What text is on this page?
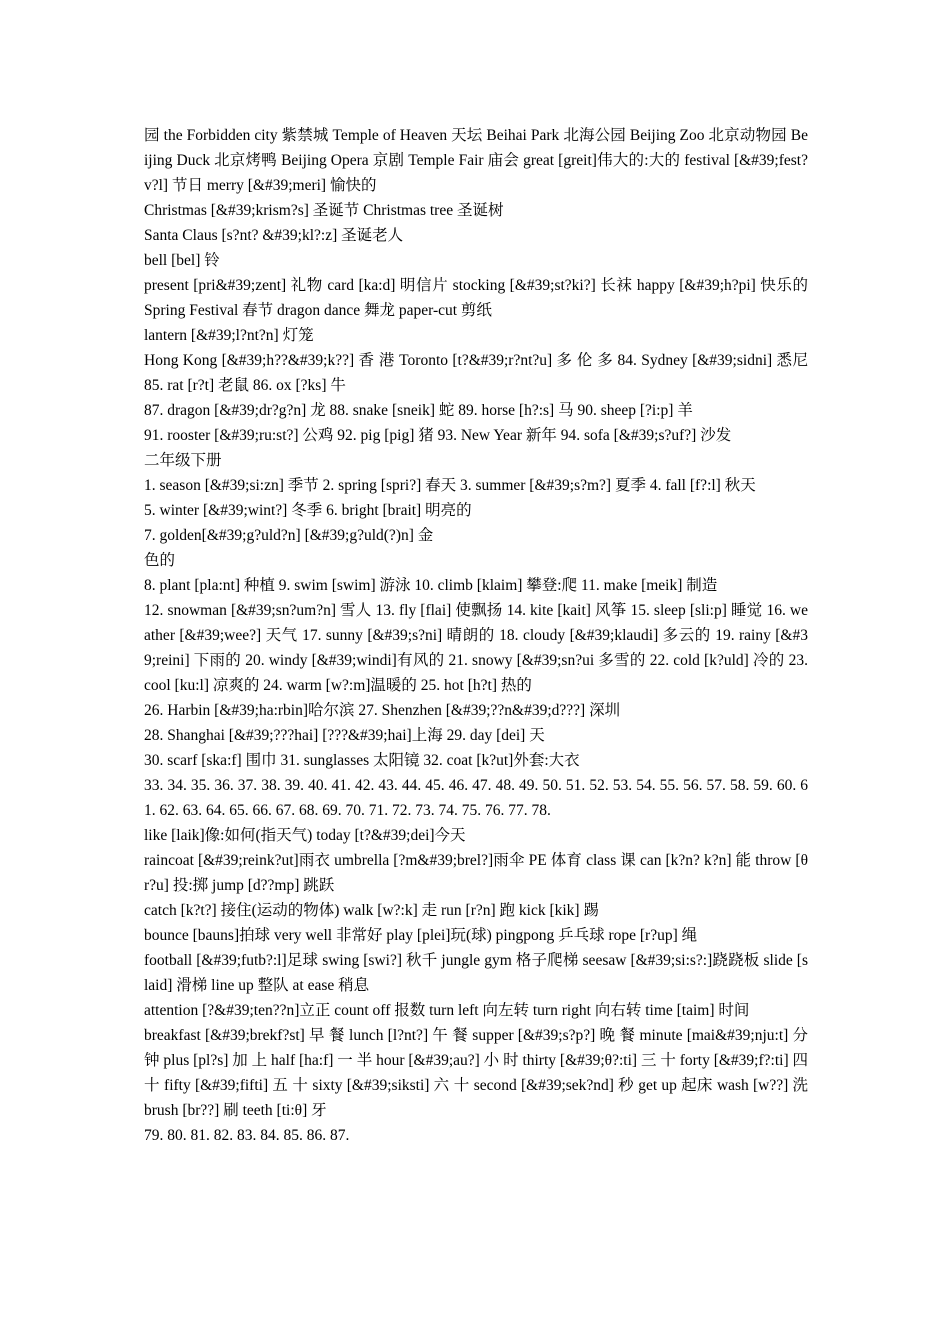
园 the Forbidden city 紫禁城 Temple of Heaven 天坛 Beihai Park 北海公园 Beijing Zoo 北京动物园 Beijing Duck 北京烤鸭 Beijing Opera 京剧 Temple Fair 庙会 great [greit]伟大的:大的 festival [&#39;fest?v?l] 节日 merry [&#39;meri] 愉快的

Christmas [&#39;krism?s] 圣诞节 Christmas tree 圣诞树

Santa Claus [s?nt? &#39;kl?:z] 圣诞老人

bell [bel] 铃

present [pri&#39;zent] 礼物 card [ka:d] 明信片 stocking [&#39;st?ki?] 长袜 happy [&#39;h?pi] 快乐的 Spring Festival 春节 dragon dance 舞龙 paper-cut 剪纸

lantern [&#39;l?nt?n] 灯笼

Hong Kong [&#39;h??&#39;k??] 香 港 Toronto [t?&#39;r?nt?u] 多 伦 多 84. Sydney [&#39;sidni] 悉尼 85. rat [r?t] 老鼠 86. ox [?ks] 牛

87. dragon [&#39;dr?g?n] 龙 88. snake [sneik] 蛇 89. horse [h?:s] 马 90. sheep [?i:p] 羊

91. rooster [&#39;ru:st?] 公鸡 92. pig [pig] 猪 93. New Year 新年 94. sofa [&#39;s?uf?] 沙发

二年级下册

1. season [&#39;si:zn] 季节 2. spring [spri?] 春天 3. summer [&#39;s?m?] 夏季 4. fall [f?:l] 秋天

5. winter [&#39;wint?] 冬季 6. bright [brait] 明亮的

7. golden[&#39;g?uld?n] [&#39;g?uld(?)n] 金

色的

8. plant [pla:nt] 种植 9. swim [swim] 游泳 10. climb [klaim] 攀登:爬 11. make [meik] 制造

12. snowman [&#39;sn?um?n] 雪人 13. fly [flai] 使飘扬 14. kite [kait] 风筝 15. sleep [sli:p] 睡觉 16. weather [&#39;wee?] 天气 17. sunny [&#39;s?ni] 晴朗的 18. cloudy [&#39;klaudi] 多云的 19. rainy [&#39;reini] 下雨的 20. windy [&#39;windi]有风的 21. snowy [&#39;sn?ui 多雪的 22. cold [k?uld] 冷的 23. cool [ku:l] 凉爽的 24. warm [w?:m]温暖的 25. hot [h?t] 热的

26. Harbin [&#39;ha:rbin]哈尔滨 27. Shenzhen [&#39;??n&#39;d???] 深圳

28. Shanghai [&#39;???hai] [???&#39;hai]上海 29. day [dei] 天

30. scarf [ska:f] 围巾 31. sunglasses 太阳镜 32. coat [k?ut]外套:大衣

33. 34. 35. 36. 37. 38. 39. 40. 41. 42. 43. 44. 45. 46. 47. 48. 49. 50. 51. 52. 53. 54. 55. 56. 57. 58. 59. 60. 61. 62. 63. 64. 65. 66. 67. 68. 69. 70. 71. 72. 73. 74. 75. 76. 77. 78.

like [laik]像:如何(指天气) today [t?&#39;dei]今天

raincoat [&#39;reink?ut]雨衣 umbrella [?m&#39;brel?]雨伞 PE 体育 class 课 can [k?n? k?n] 能 throw [θr?u] 投:掷 jump [d??mp] 跳跃

catch [k?t?] 接住(运动的物体) walk [w?:k] 走 run [r?n] 跑 kick [kik] 踢

bounce [bauns]拍球 very well 非常好 play [plei]玩(球) pingpong 乒乓球 rope [r?up] 绳

football [&#39;futb?:l]足球 swing [swi?] 秋千 jungle gym 格子爬梯 seesaw [&#39;si:s?:]跷跷板 slide [slaid] 滑梯 line up 整队 at ease 稍息

attention [?&#39;ten??n]立正 count off 报数 turn left 向左转 turn right 向右转 time [taim] 时间

breakfast [&#39;brekf?st] 早 餐 lunch [l?nt?] 午 餐 supper [&#39;s?p?] 晚 餐 minute [mai&#39;nju:t] 分 钟 plus [pl?s] 加 上 half [ha:f] 一 半 hour [&#39;au?] 小 时 thirty [&#39;θ?:ti] 三 十 forty [&#39;f?:ti] 四 十 fifty [&#39;fifti] 五 十 sixty [&#39;siksti] 六 十 second [&#39;sek?nd] 秒 get up 起床 wash [w??] 洗 brush [br??] 刷 teeth [ti:θ] 牙

79. 80. 81. 82. 83. 84. 85. 86. 87.
